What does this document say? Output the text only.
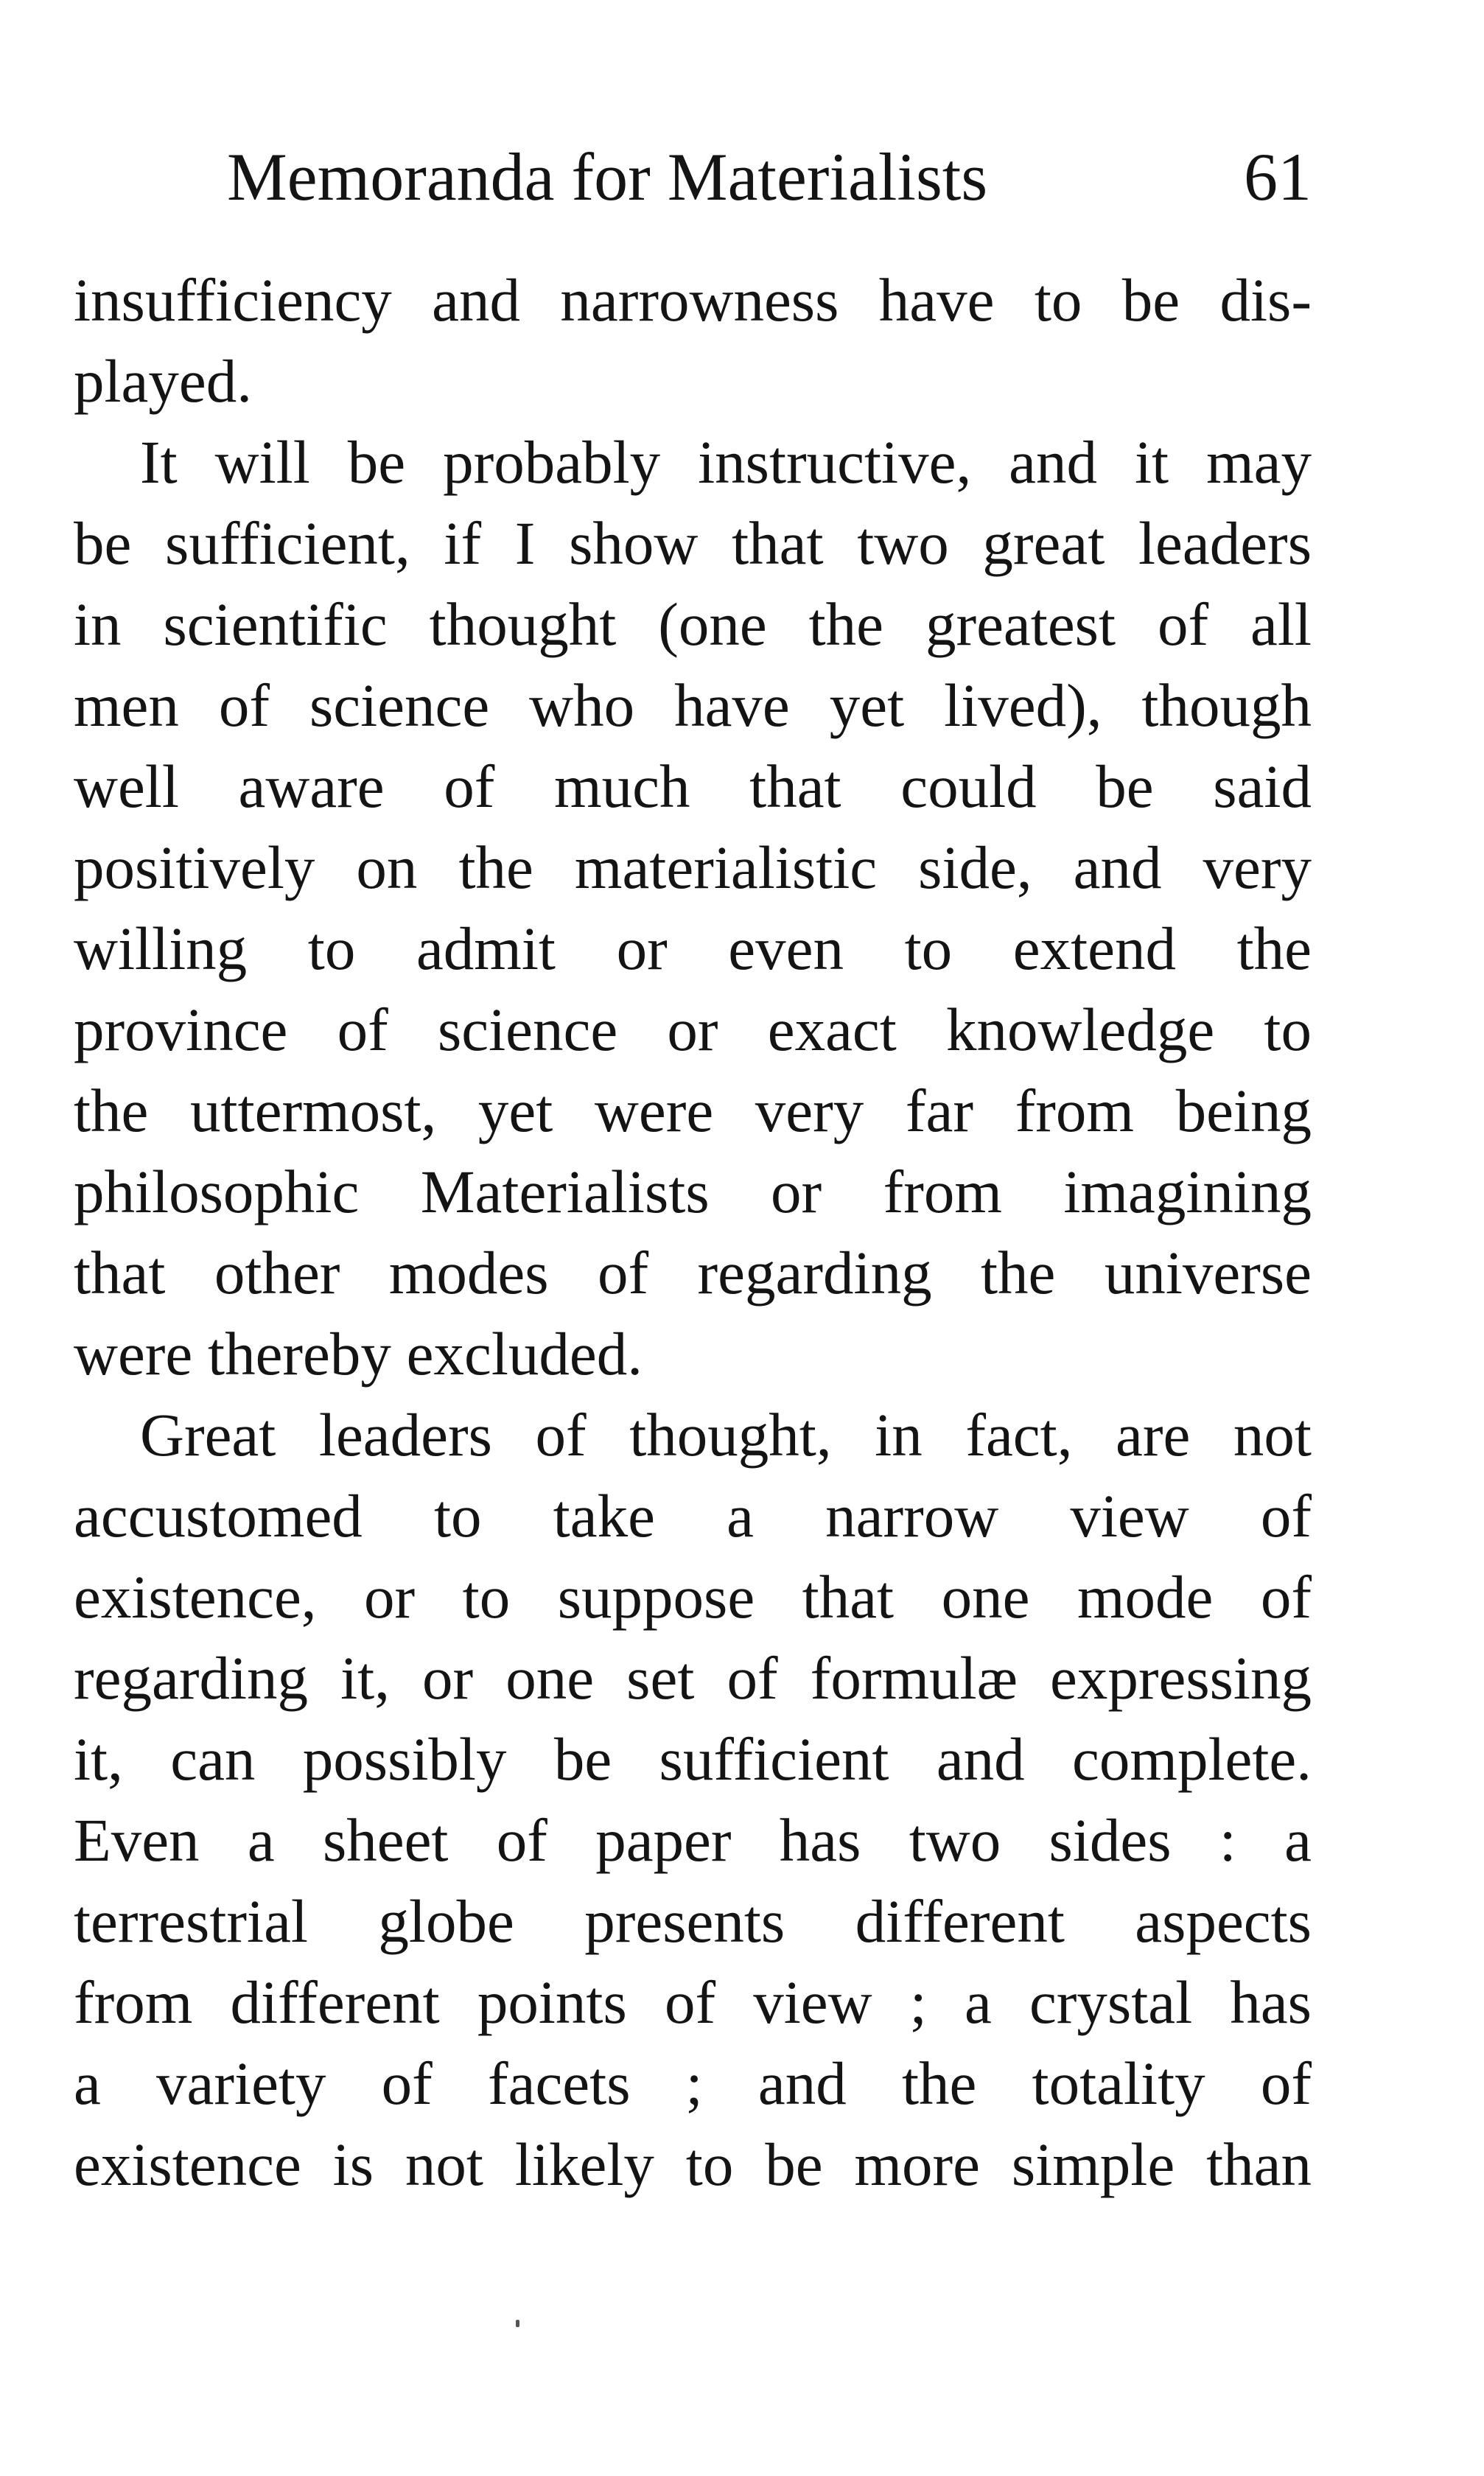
Memoranda for Materialists	61
insufficiency and narrowness have to be dis-
played.
It will be probably instructive, and it may
be sufficient, if I show that two great leaders
in scientific thought (one the greatest of all
men of science who have yet lived), though
well aware of much that could be said
positively on the materialistic side, and very
willing to admit or even to extend the
province of science or exact knowledge to
the uttermost, yet were very far from being
philosophic Materialists or from imagining
that other modes of regarding the universe
were thereby excluded.
Great leaders of thought, in fact, are not
accustomed to take a narrow view of
existence, or to suppose that one mode of
regarding it, or one set of formulæ expressing
it, can possibly be sufficient and complete.
Even a sheet of paper has two sides : a
terrestrial globe presents different aspects
from different points of view ; a crystal has
a variety of facets ; and the totality of
existence is not likely to be more simple than
